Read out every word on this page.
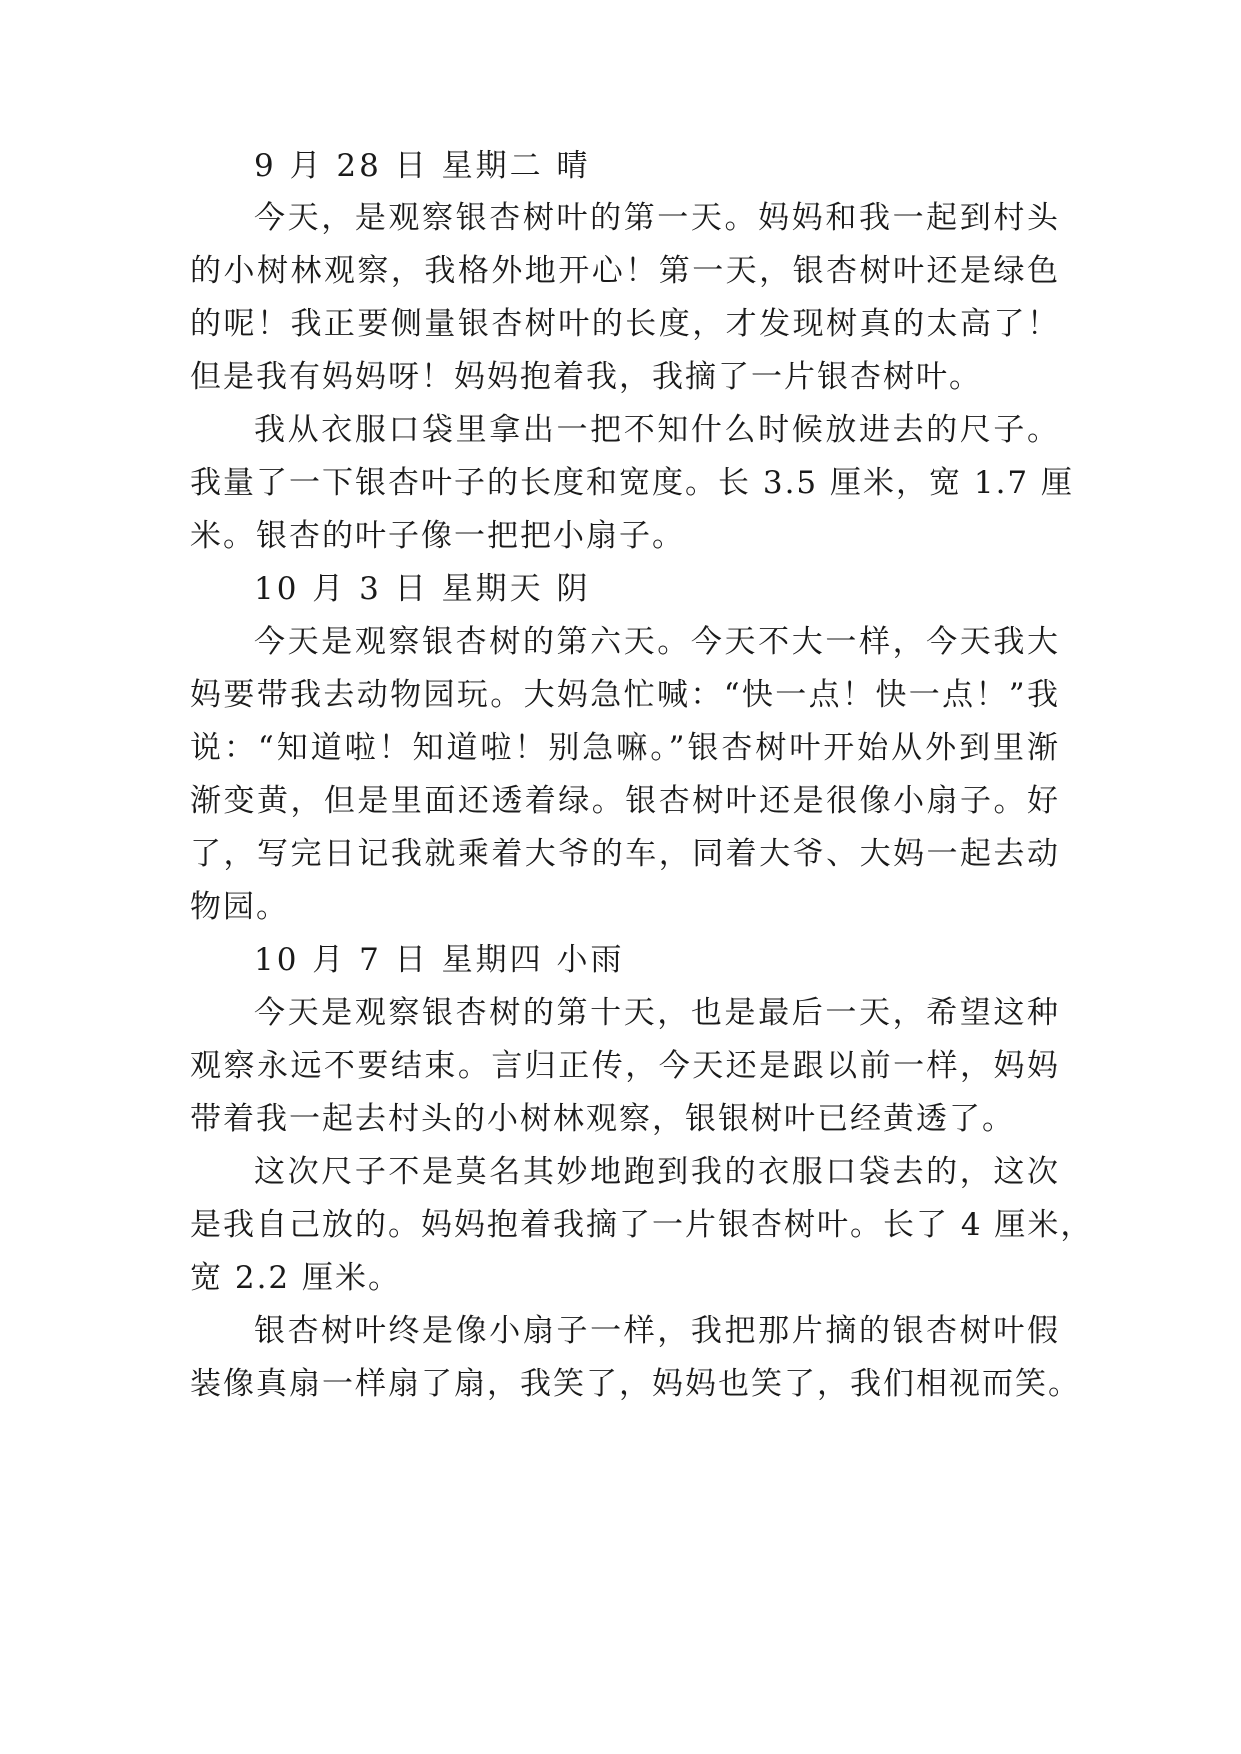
9 月 28 日 星期二 晴
今天，是观察银杏树叶的第一天。妈妈和我一起到村头
的小树林观察，我格外地开心！第一天，银杏树叶还是绿色
的呢！我正要侧量银杏树叶的长度，才发现树真的太高了！
但是我有妈妈呀！妈妈抱着我，我摘了一片银杏树叶。
我从衣服口袋里拿出一把不知什么时候放进去的尺子。
我量了一下银杏叶子的长度和宽度。长 3.5 厘米，宽 1.7 厘
米。银杏的叶子像一把把小扇子。
10 月 3 日 星期天 阴
今天是观察银杏树的第六天。今天不大一样，今天我大
妈要带我去动物园玩。大妈急忙喊：“快一点！快一点！”我
说：“知道啦！知道啦！别急嘛。”银杏树叶开始从外到里渐
渐变黄，但是里面还透着绿。银杏树叶还是很像小扇子。好
了，写完日记我就乘着大爷的车，同着大爷、大妈一起去动
物园。
10 月 7 日 星期四 小雨
今天是观察银杏树的第十天，也是最后一天，希望这种
观察永远不要结束。言归正传，今天还是跟以前一样，妈妈
带着我一起去村头的小树林观察，银银树叶已经黄透了。
这次尺子不是莫名其妙地跑到我的衣服口袋去的，这次
是我自己放的。妈妈抱着我摘了一片银杏树叶。长了 4 厘米，
宽 2.2 厘米。
银杏树叶终是像小扇子一样，我把那片摘的银杏树叶假
装像真扇一样扇了扇，我笑了，妈妈也笑了，我们相视而笑。
